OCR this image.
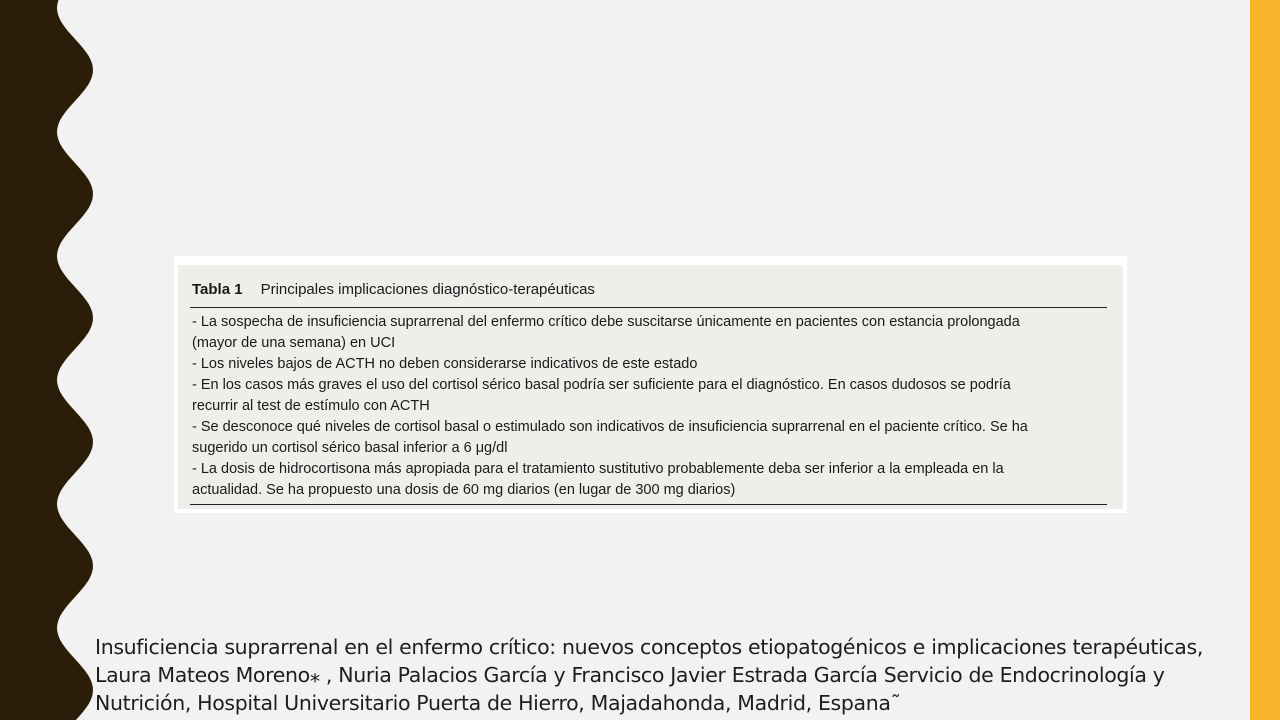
Tabla 1 Principales implicaciones diagnóstico-terapéuticas
- La sospecha de insuficiencia suprarrenal del enfermo crítico debe suscitarse únicamente en pacientes con estancia prolongada
(mayor de una semana) en UCI
- Los niveles bajos de ACTH no deben considerarse indicativos de este estado
- En los casos más graves el uso del cortisol sérico basal podría ser suficiente para el diagnóstico. En casos dudosos se podría
recurrir al test de estímulo con ACTH
- Se desconoce qué niveles de cortisol basal o estimulado son indicativos de insuficiencia suprarrenal en el paciente crítico. Se ha
sugerido un cortisol sérico basal inferior a 6 μg/dl
- La dosis de hidrocortisona más apropiada para el tratamiento sustitutivo probablemente deba ser inferior a la empleada en la
actualidad. Se ha propuesto una dosis de 60 mg diarios (en lugar de 300 mg diarios)
Insuficiencia suprarrenal en el enfermo crítico: nuevos conceptos etiopatogénicos e implicaciones terapéuticas, Laura Mateos Moreno⁎ , Nuria Palacios García y Francisco Javier Estrada García Servicio de Endocrinología y Nutrición, Hospital Universitario Puerta de Hierro, Majadahonda, Madrid, Espana˜
